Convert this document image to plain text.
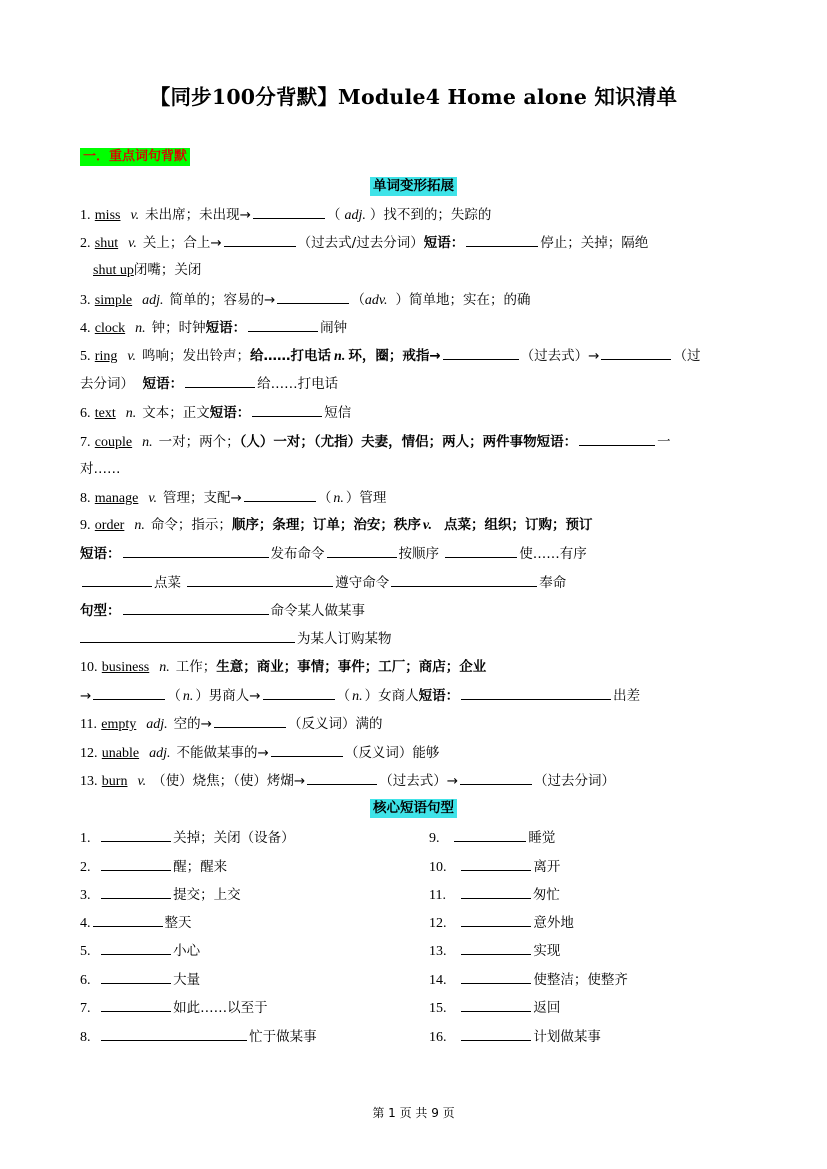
【同步100分背默】Module4 Home alone 知识清单
一．重点词句背默
单词变形拓展
1. miss v. 未出席；未出现→	（ adj. ）找不到的；失踪的
2. shut v. 关上；合上→	（过去式/过去分词）短语：	停止；关掉；隔绝
shut up闭嘴；关闭
3. simple adj. 简单的；容易的→	（adv. ）简单地；实在；的确
4. clock n. 钟；时钟短语：	闹钟
5. ring v. 鸣响；发出铃声；给……打电话 n. 环，圈；戒指→	（过去式）→	（过
去分词） 短语：	给……打电话
6. text n. 文本；正文短语：	短信
7. couple n. 一对；两个；（人）一对；（尤指）夫妻，情侣；两人；两件事物短语：	一
对……
8. manage v. 管理；支配→	（ n. ）管理
9. order n. 命令；指示；顺序；条理；订单；治安；秩序 v. 点菜；组织；订购；预订
短语：	发布命令	按顺序	使……有序
点菜	遵守命令	奉命
句型：	命令某人做某事
为某人订购某物
10. business n. 工作；生意；商业；事情；事件；工厂；商店；企业
→	（ n. ）男商人→	（ n. ）女商人短语：	出差
11. empty adj. 空的→	（反义词）满的
12. unable adj. 不能做某事的→	（反义词）能够
13. burn v. （使）烧焦；（使）烤煳→	（过去式）→	（过去分词）
核心短语句型
1.	关掉；关闭（设备）
2.	醒；醒来
3.	提交；上交
4.	整天
5.	小心
6.	大量
7.	如此……以至于
8.	忙于做某事
9.	睡觉
10.	离开
11.	匆忙
12.	意外地
13.	实现
14.	使整洁；使整齐
15.	返回
16.	计划做某事
第 1 页 共 9 页
